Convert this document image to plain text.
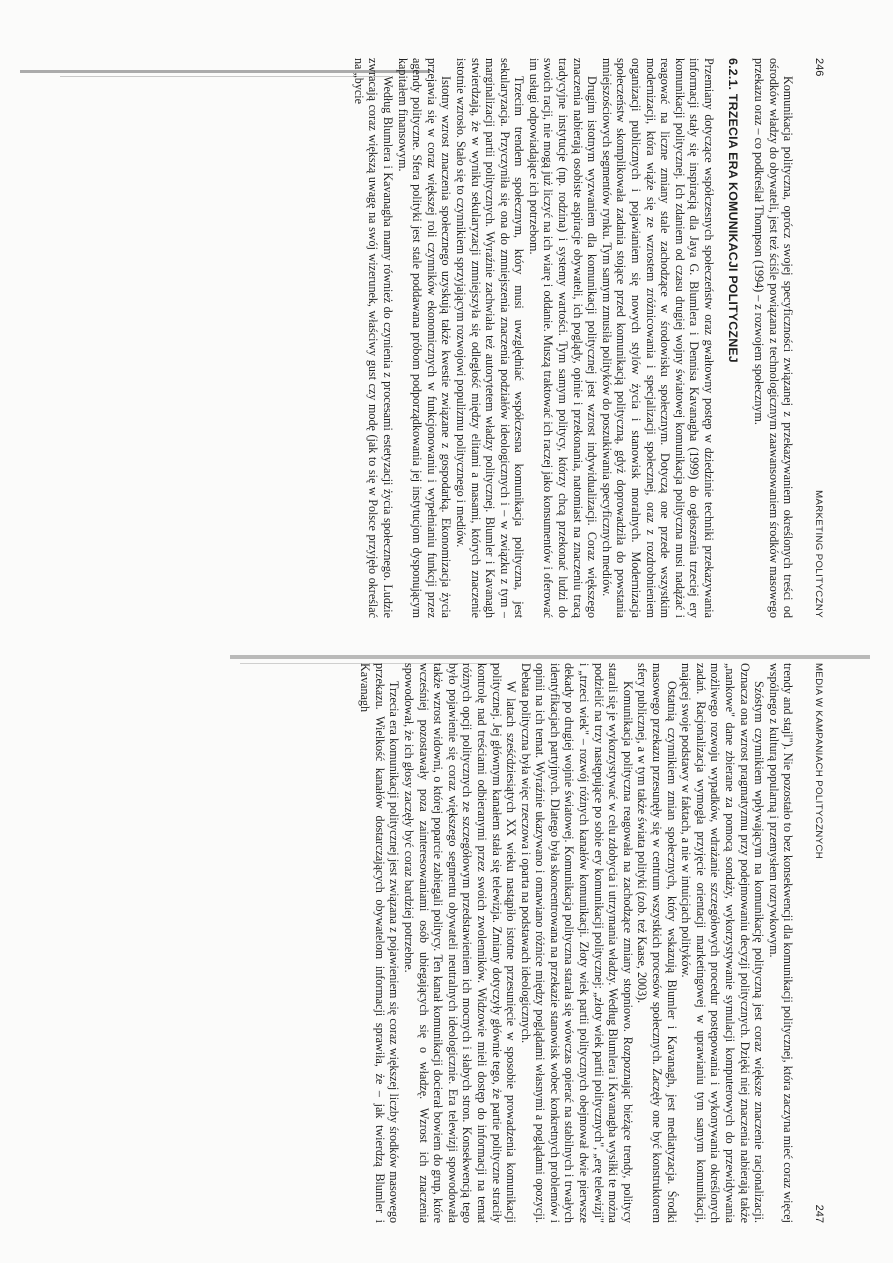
246
MARKETING POLITYCZNY

Komunikacja polityczna, oprócz swojej specyficzności związanej z przekazywaniem określonych treści od ośrodków władzy do obywateli, jest też ściśle powiązana z technologicznym zaawansowaniem środków masowego przekazu oraz – co podkreślał Thompson (1994) – z rozwojem społecznym.

6.2.1. TRZECIA ERA KOMUNIKACJI POLITYCZNEJ

Przemiany dotyczące współczesnych społeczeństw oraz gwałtowny postęp w dziedzinie techniki przekazywania informacji stały się inspiracją dla Jaya G. Blumlera i Dennisa Kavanagha (1999) do ogłoszenia trzeciej ery komunikacji politycznej. Ich zdaniem od czasu drugiej wojny światowej komunikacja polityczna musi nadążać i reagować na liczne zmiany stale zachodzące w środowisku społecznym. Dotyczą one przede wszystkim modernizacji, która wiąże się ze wzrostem zróżnicowania i specjalizacji społecznej, oraz z rozdrobnieniem organizacji publicznych i pojawianiem się nowych stylów życia i stanowisk moralnych. Modernizacja społeczeństw skomplikowała zadania stojące przed komunikacją polityczną, gdyż doprowadziła do powstania mniejszościowych segmentów rynku. Tym samym zmusiła polityków do poszukiwania specyficznych mediów.

Drugim istotnym wyzwaniem dla komunikacji politycznej jest wzrost indywidualizacji. Coraz większego znaczenia nabierają osobiste aspiracje obywateli, ich poglądy, opinie i przekonania, natomiast na znaczeniu tracą tradycyjne instytucje (np. rodzina) i systemy wartości. Tym samym politycy, którzy chcą przekonać ludzi do swoich racji, nie mogą już liczyć na ich wiarę i oddanie. Muszą traktować ich raczej jako konsumentów i oferować im usługi odpowiadające ich potrzebom.

Trzecim trendem społecznym, który musi uwzględniać współczesna komunikacja polityczna, jest sekularyzacja. Przyczyniła się ona do zmniejszenia znaczenia podziałów ideologicznych i – w związku z tym – marginalizacji partii politycznych. Wyraźnie zachwiała też autorytetem władzy politycznej. Blumler i Kavanagh stwierdzają, że w wyniku sekularyzacji zmniejszyła się odległość między elitami a masami, których znaczenie istotnie wzrosło. Stało się to czynnikiem sprzyjającym rozwojowi populizmu politycznego i mediów.

Istotny wzrost znaczenia społecznego uzyskują także kwestie związane z gospodarką. Ekonomizacja życia przejawia się w coraz większej roli czynników ekonomicznych w funkcjonowaniu i wypełnianiu funkcji przez agendy polityczne. Sfera polityki jest stale poddawana próbom podporządkowania jej instytucjom dysponującym kapitałem finansowym.

Według Blumlera i Kavanagha mamy również do czynienia z procesami estetyzacji życia społecznego. Ludzie zwracają coraz większą uwagę na swój wizerunek, właściwy gust czy modę (jak to się w Polsce przyjęło określać na „bycie

MEDIA W KAMPANIACH POLITYCZNYCH
247

trendy and stajl"). Nie pozostało to bez konsekwencji dla komunikacji politycznej, która zaczyna mieć coraz więcej wspólnego z kulturą popularną i przemysłem rozrywkowym.

Szóstym czynnikiem wpływającym na komunikację polityczną jest coraz większe znaczenie racjonalizacji. Oznacza ona wzrost pragmatyzmu przy podejmowaniu decyzji politycznych. Dzięki niej znaczenia nabierają także „nankowe" dane zbierane za pomocą sondaży, wykorzystywanie symulacji komputerowych do przewidywania możliwego rozwoju wypadków, wdrażanie szczegółowych procedur postępowania i wykonywania określonych zadań. Racjonalizacja wymogła przyjęcie orientacji marketingowej w uprawianiu tym samym komunikacji, mającej swoje podstawy w faktach, a nie w intuicjach polityków.

Ostatnią czynnikiem zmian społecznych, który wskazują Blumler i Kavanagh, jest mediatyzacja. Środki masowego przekazu przesunęły się w centrum wszystkich procesów społecznych. Zaczęły one być konstruktorem sfery publicznej, a w tym także świata polityki (zob. też Kaase, 2003).

Komunikacja polityczna reagowała na zachodzące zmiany stopniowo. Rozpoznając bieżące trendy, politycy starali się je wykorzystywać w celu zdobycia i utrzymania władzy. Według Blumlera i Kavanagha wysiłki te można podzielić na trzy następujące po sobie ery komunikacji politycznej: „złoty wiek partii politycznych", „erę telewizji" i „trzeci wiek" – rozwój różnych kanałów komunikacji. Złoty wiek partii politycznych obejmował dwie pierwsze dekady po drugiej wojnie światowej. Komunikacja polityczna starała się wówczas opierać na stabilnych i trwałych identyfikacjach partyjnych. Dlatego była skoncentrowana na przekazie stanowisk wobec konkretnych problemów i opinii na ich temat. Wyraźnie ukazywano i omawiano różnice między poglądami własnymi a poglądami opozycji. Debata polityczna była więc rzeczowa i oparta na podstawach ideologicznych.

W latach sześćdziesiątych XX wieku nastąpiło istotne przesunięcie w sposobie prowadzenia komunikacji politycznej. Jej głównym kanałem stała się telewizja. Zmiany dotyczyły głównie tego, że partie polityczne straciły kontrolę nad treściami odbieranymi przez swoich zwolenników. Widzowie mieli dostęp do informacji na temat różnych opcji politycznych ze szczegółowym przedstawieniem ich mocnych i słabych stron. Konsekwencją tego było pojawienie się coraz większego segmentu obywateli neutralnych ideologicznie. Era telewizji spowodowała także wzrost widowni, o której poparcie zabiegali politycy. Ten kanał komunikacji docierał bowiem do grup, które wcześniej pozostawały poza zainteresowaniami osób ubiegających się o władzę. Wzrost ich znaczenia spowodował, że ich głosy zaczęły być coraz bardziej potrzebne.

Trzecia era komunikacji politycznej jest związana z pojawieniem się coraz większej liczby środków masowego przekazu. Wielkość kanałów dostarczających obywatelom informacji sprawiła, że – jak twierdzą Blumler i Kavanagh
